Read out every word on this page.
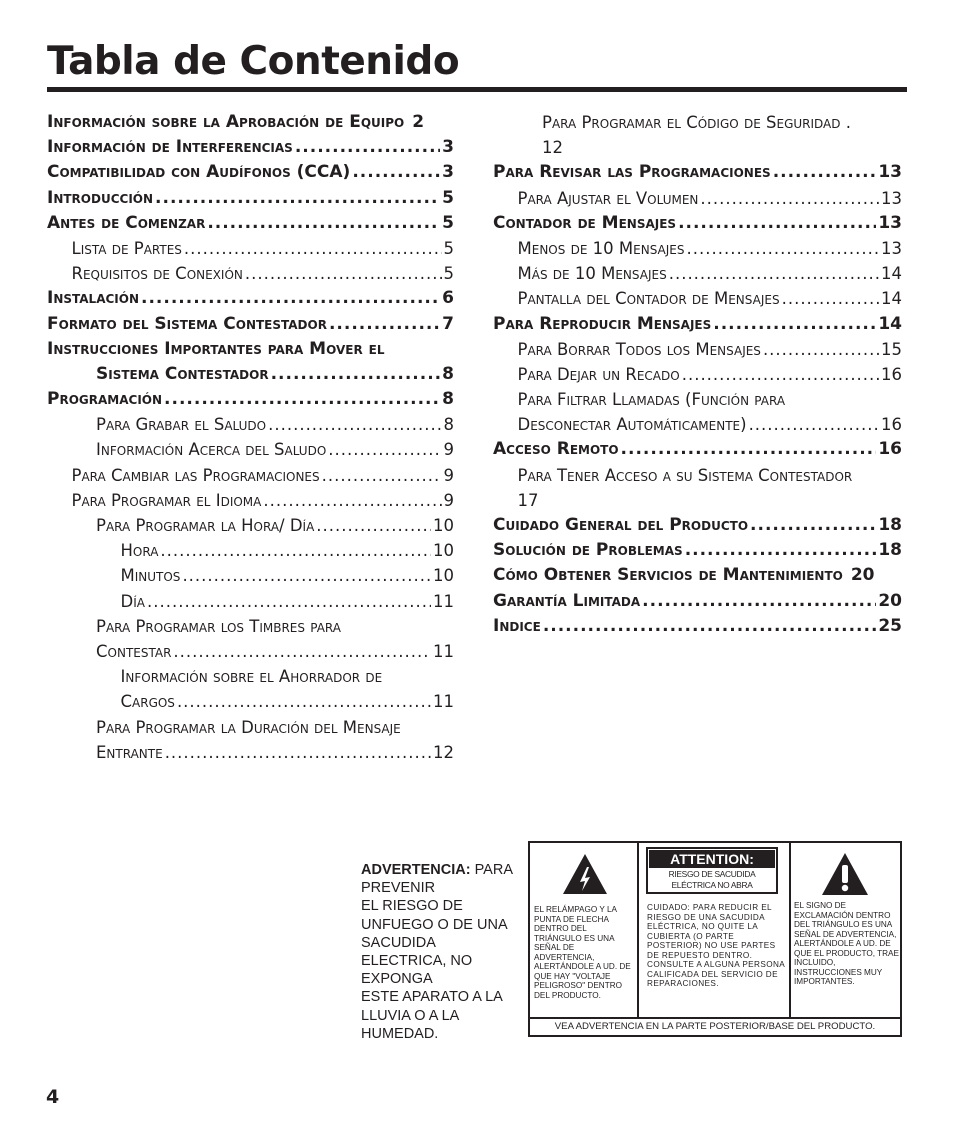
Tabla de Contenido
Información sobre la Aprobación de Equipo 2
Información de Interferencias .....	3
Compatibilidad con Audífonos (CCA) .....	3
Introducción .....	5
Antes de Comenzar .....	5
Lista de Partes .....	5
Requisitos de Conexión .....	5
Instalación .....	6
Formato del Sistema Contestador .....	7
Instrucciones Importantes para Mover el
Sistema Contestador .....	8
Programación .....	8
Para Grabar el Saludo .....	8
Información Acerca del Saludo .....	9
Para Cambiar las Programaciones .....	9
Para Programar el Idioma .....	9
Para Programar la Hora/ Día .....	10
Hora .....	10
Minutos .....	10
Día .....	11
Para Programar los Timbres para
Contestar .....	11
Información sobre el Ahorrador de
Cargos .....	11
Para Programar la Duración del Mensaje
Entrante .....	12
Para Programar el Código de Seguridad .
12
Para Revisar las Programaciones .....	13
Para Ajustar el Volumen .....	13
Contador de Mensajes .....	13
Menos de 10 Mensajes .....	13
Más de 10 Mensajes .....	14
Pantalla del Contador de Mensajes .....	14
Para Reproducir Mensajes .....	14
Para Borrar Todos los Mensajes .....	15
Para Dejar un Recado .....	16
Para Filtrar Llamadas (Función para
Desconectar Automáticamente) .....	16
Acceso Remoto .....	16
Para Tener Acceso a su Sistema Contestador
17
Cuidado General del Producto .....	18
Solución de Problemas .....	18
Cómo Obtener Servicios de Mantenimiento 20
Garantía Limitada .....	20
Indice .....	25
ADVERTENCIA: PARA
PREVENIR
EL RIESGO DE
UNFUEGO O DE UNA
SACUDIDA
ELECTRICA, NO
EXPONGA
ESTE APARATO A LA
LLUVIA O A LA
HUMEDAD.
EL RELÁMPAGO Y LA PUNTA DE FLECHA DENTRO DEL TRIÁNGULO ES UNA SEÑAL DE ADVERTENCIA, ALERTÁNDOLE A UD. DE QUE HAY "VOLTAJE PELIGROSO" DENTRO DEL PRODUCTO.
ATTENTION:
RIESGO DE SACUDIDA ELÉCTRICA NO ABRA
CUIDADO: PARA REDUCIR EL RIESGO DE UNA SACUDIDA ELÉCTRICA, NO QUITE LA CUBIERTA (O PARTE POSTERIOR) NO USE PARTES DE REPUESTO DENTRO. CONSULTE A ALGUNA PERSONA CALIFICADA DEL SERVICIO DE REPARACIONES.
EL SIGNO DE EXCLAMACIÓN DENTRO DEL TRIÁNGULO ES UNA SEÑAL DE ADVERTENCIA, ALERTÁNDOLE A UD. DE QUE EL PRODUCTO, TRAE INCLUIDO, INSTRUCCIONES MUY IMPORTANTES.
VEA ADVERTENCIA EN LA PARTE POSTERIOR/BASE DEL PRODUCTO.
4
